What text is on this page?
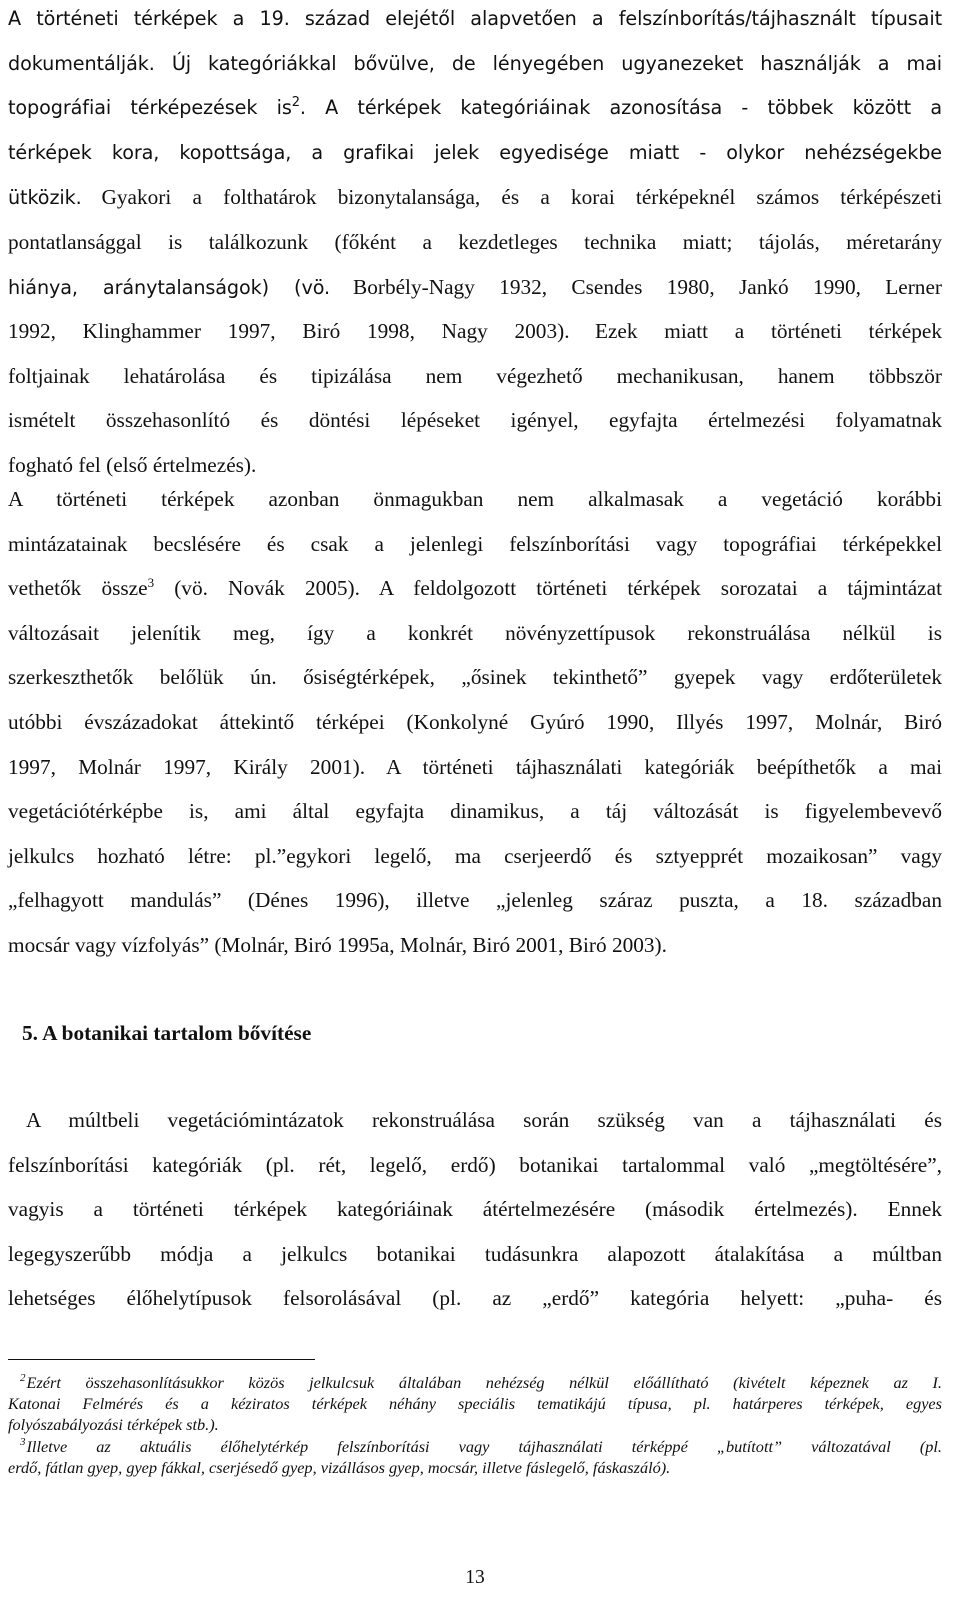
A történeti térképek a 19. század elejétől alapvetően a felszínborítás/tájhasznált típusait
dokumentálják. Új kategóriákkal bővülve, de lényegében ugyanezeket használják a mai
topográfiai térképezések $is^2$. A térképek kategóriáinak azonosítása - többek között a
térképek kora, kopottsága, a grafikai jelek egyedisége miatt - olykor nehézségekbe
ütközik. Gyakori a folthatárok bizonytalansága, és a korai térképeknél számos térképészeti
pontatlansággal is találkozunk (főként a kezdetleges technika miatt; tájolás, méretarány
hiánya, aránytalanságok) (vö. Borbély-Nagy 1932, Csendes 1980, Jankó 1990, Lerner
1992, Klinghammer 1997, Biró 1998, Nagy 2003). Ezek miatt a történeti térképek
foltjainak lehatárolása és tipizálása nem végezhető mechanikusan, hanem többször
ismételt összehasonlító és döntési lépéseket igényel, egyfajta értelmezési folyamatnak
fogható fel (első értelmezés).
A történeti térképek azonban önmagukban nem alkalmasak a vegetáció korábbi
mintázatainak becslésére és csak a jelenlegi felszínborítási vagy topográfiai térképekkel
vethetők össze$^3$ (vö. Novák 2005). A feldolgozott történeti térképek sorozatai a tájmintázat
változásait jelenítik meg, így a konkrét növényzettípusok rekonstruálása nélkül is
szerkeszthetők belőlük ún. ősiségtérképek, „ősinek tekinthető” gyepek vagy erdőterületek
utóbbi évszázadokat áttekintő térképei (Konkolyné Gyúró 1990, Illyés 1997, Molnár, Biró
1997, Molnár 1997, Király 2001). A történeti tájhasználati kategóriák beépíthetők a mai
vegetációtérképbe is, ami által egyfajta dinamikus, a táj változását is figyelembevevő
jelkulcs hozható létre: pl.”egykori legelő, ma cserjeerdő és sztyepprét mozaikosan” vagy
„felhagyott mandulás” (Dénes 1996), illetve „jelenleg száraz puszta, a 18. században
mocsár vagy vízfolyás” (Molnár, Biró 1995a, Molnár, Biró 2001, Biró 2003).
5. A botanikai tartalom bővítése
A múltbeli vegetációmintázatok rekonstruálása során szükség van a tájhasználati és
felszínborítási kategóriák (pl. rét, legelő, erdő) botanikai tartalommal való „megtöltésére”,
vagyis a történeti térképek kategóriáinak átértelmezésére (második értelmezés). Ennek
legegyszerűbb módja a jelkulcs botanikai tudásunkra alapozott átalakítása a múltban
lehetséges élőhelytípusok felsorolásával (pl. az „erdő” kategória helyett: „puha- és
$^2$Ezért összehasonlításukkor közös jelkulcsuk általában nehézség nélkül előállítható (kivételt képeznek az I.
Katonai Felmérés és a kéziratos térképek néhány speciális tematikájú típusa, pl. határperes térképek, egyes
folyószabályozási térképek stb.).
$^3$Illetve az aktuális élőhelytérkép felszínborítási vagy tájhasználati térképpé „butított” változatával (pl.
erdő, fátlan gyep, gyep fákkal, cserjésedő gyep, vizállásos gyep, mocsár, illetve fáslegelő, fáskaszáló).

13
